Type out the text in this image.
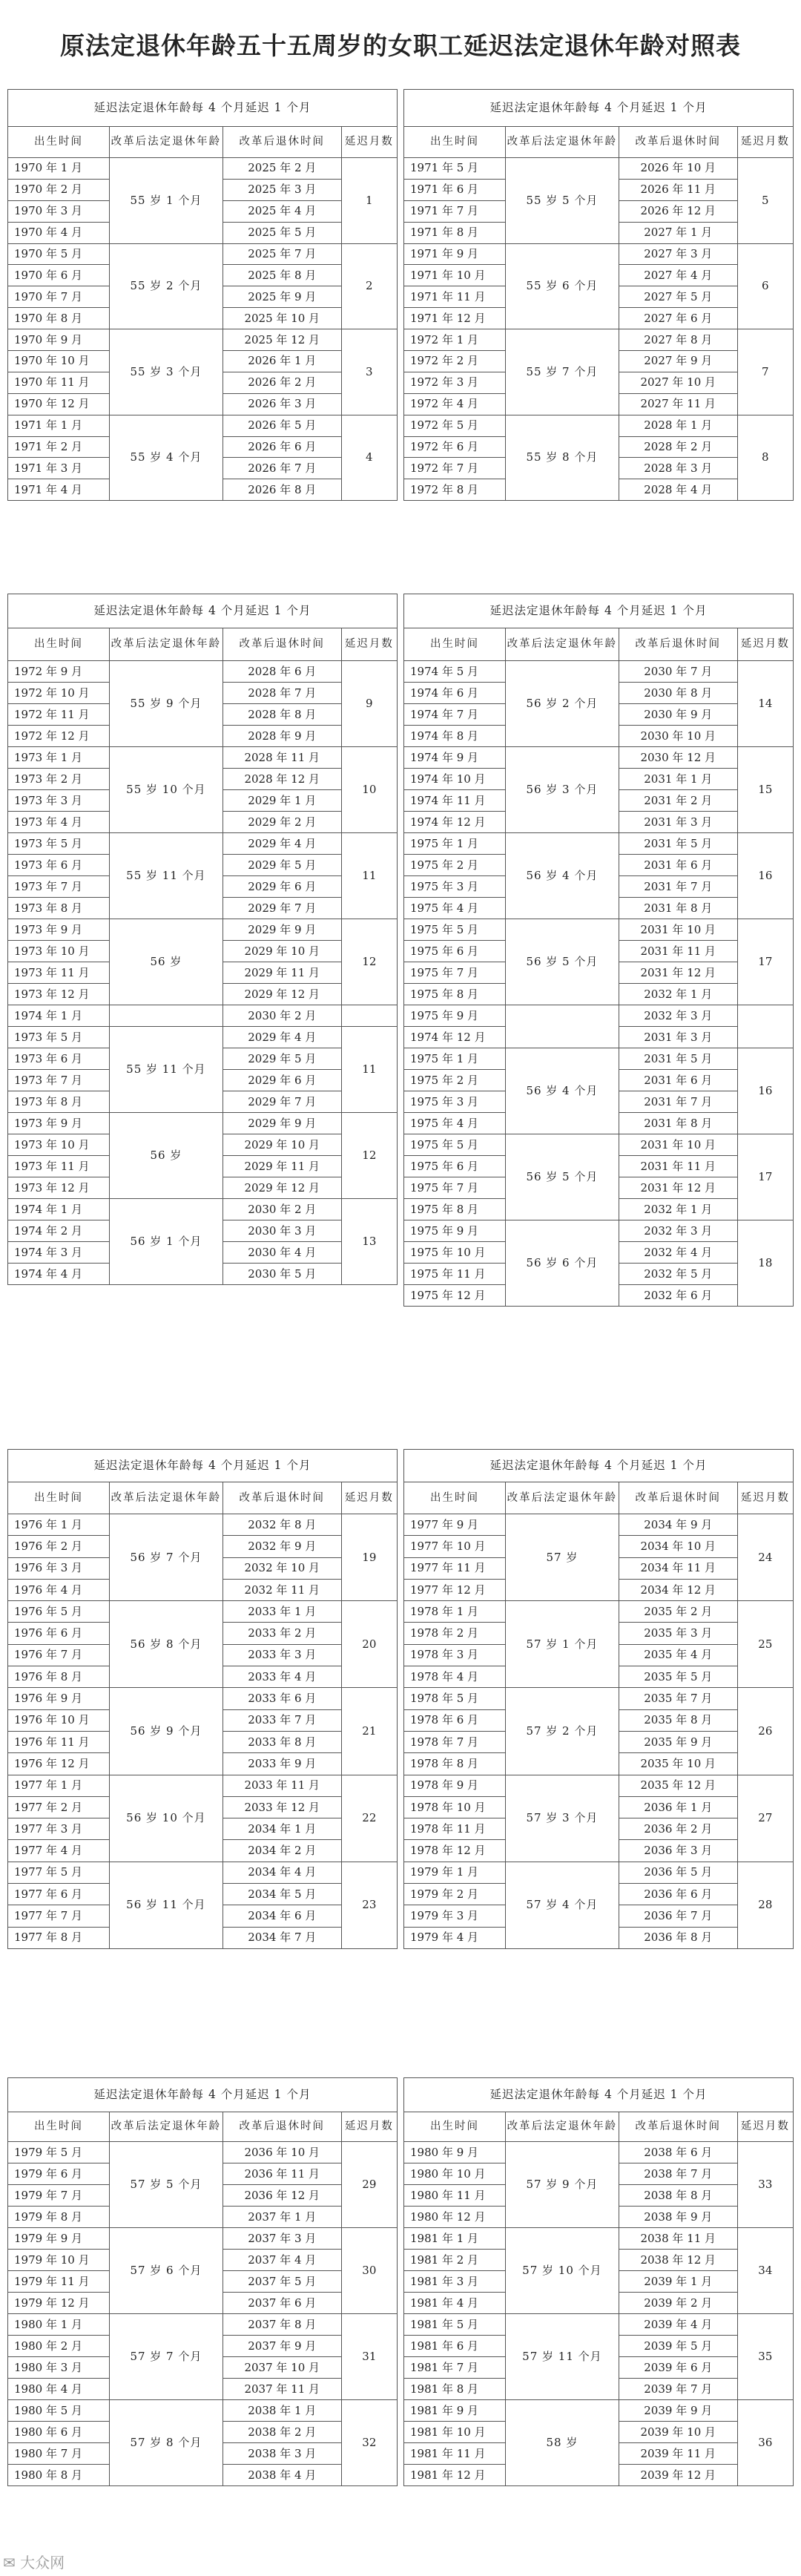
原法定退休年龄五十五周岁的女职工延迟法定退休年龄对照表
延迟法定退休年龄每 4 个月延迟 1 个月			
出生时间	改革后法定退休年龄	改革后退休时间	延迟月数
1970 年 1 月	55 岁 1 个月	2025 年 2 月	1
1970 年 2 月		2025 年 3 月	
1970 年 3 月		2025 年 4 月	
1970 年 4 月		2025 年 5 月	
1970 年 5 月	55 岁 2 个月	2025 年 7 月	2
1970 年 6 月		2025 年 8 月	
1970 年 7 月		2025 年 9 月	
1970 年 8 月		2025 年 10 月	
1970 年 9 月	55 岁 3 个月	2025 年 12 月	3
1970 年 10 月		2026 年 1 月	
1970 年 11 月		2026 年 2 月	
1970 年 12 月		2026 年 3 月	
1971 年 1 月	55 岁 4 个月	2026 年 5 月	4
1971 年 2 月		2026 年 6 月	
1971 年 3 月		2026 年 7 月	
1971 年 4 月		2026 年 8 月	
延迟法定退休年龄每 4 个月延迟 1 个月			
出生时间	改革后法定退休年龄	改革后退休时间	延迟月数
1971 年 5 月	55 岁 5 个月	2026 年 10 月	5
1971 年 6 月		2026 年 11 月	
1971 年 7 月		2026 年 12 月	
1971 年 8 月		2027 年 1 月	
1971 年 9 月	55 岁 6 个月	2027 年 3 月	6
1971 年 10 月		2027 年 4 月	
1971 年 11 月		2027 年 5 月	
1971 年 12 月		2027 年 6 月	
1972 年 1 月	55 岁 7 个月	2027 年 8 月	7
1972 年 2 月		2027 年 9 月	
1972 年 3 月		2027 年 10 月	
1972 年 4 月		2027 年 11 月	
1972 年 5 月	55 岁 8 个月	2028 年 1 月	8
1972 年 6 月		2028 年 2 月	
1972 年 7 月		2028 年 3 月	
1972 年 8 月		2028 年 4 月	
延迟法定退休年龄每 4 个月延迟 1 个月			
出生时间	改革后法定退休年龄	改革后退休时间	延迟月数
1972 年 9 月	55 岁 9 个月	2028 年 6 月	9
1972 年 10 月		2028 年 7 月	
1972 年 11 月		2028 年 8 月	
1972 年 12 月		2028 年 9 月	
1973 年 1 月	55 岁 10 个月	2028 年 11 月	10
1973 年 2 月		2028 年 12 月	
1973 年 3 月		2029 年 1 月	
1973 年 4 月		2029 年 2 月	
1973 年 5 月	55 岁 11 个月	2029 年 4 月	11
1973 年 6 月		2029 年 5 月	
1973 年 7 月		2029 年 6 月	
1973 年 8 月		2029 年 7 月	
1973 年 9 月	56 岁	2029 年 9 月	12
1973 年 10 月		2029 年 10 月	
1973 年 11 月		2029 年 11 月	
1973 年 12 月		2029 年 12 月	
1974 年 1 月		2030 年 2 月	
1973 年 5 月	55 岁 11 个月	2029 年 4 月	11
1973 年 6 月		2029 年 5 月	
1973 年 7 月		2029 年 6 月	
1973 年 8 月		2029 年 7 月	
1973 年 9 月	56 岁	2029 年 9 月	12
1973 年 10 月		2029 年 10 月	
1973 年 11 月		2029 年 11 月	
1973 年 12 月		2029 年 12 月	
1974 年 1 月	56 岁 1 个月	2030 年 2 月	13
1974 年 2 月		2030 年 3 月	
1974 年 3 月		2030 年 4 月	
1974 年 4 月		2030 年 5 月	
延迟法定退休年龄每 4 个月延迟 1 个月			
出生时间	改革后法定退休年龄	改革后退休时间	延迟月数
1974 年 5 月	56 岁 2 个月	2030 年 7 月	14
1974 年 6 月		2030 年 8 月	
1974 年 7 月		2030 年 9 月	
1974 年 8 月		2030 年 10 月	
1974 年 9 月	56 岁 3 个月	2030 年 12 月	15
1974 年 10 月		2031 年 1 月	
1974 年 11 月		2031 年 2 月	
1974 年 12 月		2031 年 3 月	
1975 年 1 月	56 岁 4 个月	2031 年 5 月	16
1975 年 2 月		2031 年 6 月	
1975 年 3 月		2031 年 7 月	
1975 年 4 月		2031 年 8 月	
1975 年 5 月	56 岁 5 个月	2031 年 10 月	17
1975 年 6 月		2031 年 11 月	
1975 年 7 月		2031 年 12 月	
1975 年 8 月		2032 年 1 月	
1975 年 9 月		2032 年 3 月	
1974 年 12 月		2031 年 3 月	
1975 年 1 月	56 岁 4 个月	2031 年 5 月	16
1975 年 2 月		2031 年 6 月	
1975 年 3 月		2031 年 7 月	
1975 年 4 月		2031 年 8 月	
1975 年 5 月	56 岁 5 个月	2031 年 10 月	17
1975 年 6 月		2031 年 11 月	
1975 年 7 月		2031 年 12 月	
1975 年 8 月		2032 年 1 月	
1975 年 9 月	56 岁 6 个月	2032 年 3 月	18
1975 年 10 月		2032 年 4 月	
1975 年 11 月		2032 年 5 月	
1975 年 12 月		2032 年 6 月	
延迟法定退休年龄每 4 个月延迟 1 个月			
出生时间	改革后法定退休年龄	改革后退休时间	延迟月数
1976 年 1 月	56 岁 7 个月	2032 年 8 月	19
1976 年 2 月		2032 年 9 月	
1976 年 3 月		2032 年 10 月	
1976 年 4 月		2032 年 11 月	
1976 年 5 月	56 岁 8 个月	2033 年 1 月	20
1976 年 6 月		2033 年 2 月	
1976 年 7 月		2033 年 3 月	
1976 年 8 月		2033 年 4 月	
1976 年 9 月	56 岁 9 个月	2033 年 6 月	21
1976 年 10 月		2033 年 7 月	
1976 年 11 月		2033 年 8 月	
1976 年 12 月		2033 年 9 月	
1977 年 1 月	56 岁 10 个月	2033 年 11 月	22
1977 年 2 月		2033 年 12 月	
1977 年 3 月		2034 年 1 月	
1977 年 4 月		2034 年 2 月	
1977 年 5 月	56 岁 11 个月	2034 年 4 月	23
1977 年 6 月		2034 年 5 月	
1977 年 7 月		2034 年 6 月	
1977 年 8 月		2034 年 7 月	
延迟法定退休年龄每 4 个月延迟 1 个月			
出生时间	改革后法定退休年龄	改革后退休时间	延迟月数
1977 年 9 月	57 岁	2034 年 9 月	24
1977 年 10 月		2034 年 10 月	
1977 年 11 月		2034 年 11 月	
1977 年 12 月		2034 年 12 月	
1978 年 1 月	57 岁 1 个月	2035 年 2 月	25
1978 年 2 月		2035 年 3 月	
1978 年 3 月		2035 年 4 月	
1978 年 4 月		2035 年 5 月	
1978 年 5 月	57 岁 2 个月	2035 年 7 月	26
1978 年 6 月		2035 年 8 月	
1978 年 7 月		2035 年 9 月	
1978 年 8 月		2035 年 10 月	
1978 年 9 月	57 岁 3 个月	2035 年 12 月	27
1978 年 10 月		2036 年 1 月	
1978 年 11 月		2036 年 2 月	
1978 年 12 月		2036 年 3 月	
1979 年 1 月	57 岁 4 个月	2036 年 5 月	28
1979 年 2 月		2036 年 6 月	
1979 年 3 月		2036 年 7 月	
1979 年 4 月		2036 年 8 月	
延迟法定退休年龄每 4 个月延迟 1 个月			
出生时间	改革后法定退休年龄	改革后退休时间	延迟月数
1979 年 5 月	57 岁 5 个月	2036 年 10 月	29
1979 年 6 月		2036 年 11 月	
1979 年 7 月		2036 年 12 月	
1979 年 8 月		2037 年 1 月	
1979 年 9 月	57 岁 6 个月	2037 年 3 月	30
1979 年 10 月		2037 年 4 月	
1979 年 11 月		2037 年 5 月	
1979 年 12 月		2037 年 6 月	
1980 年 1 月	57 岁 7 个月	2037 年 8 月	31
1980 年 2 月		2037 年 9 月	
1980 年 3 月		2037 年 10 月	
1980 年 4 月		2037 年 11 月	
1980 年 5 月	57 岁 8 个月	2038 年 1 月	32
1980 年 6 月		2038 年 2 月	
1980 年 7 月		2038 年 3 月	
1980 年 8 月		2038 年 4 月	
延迟法定退休年龄每 4 个月延迟 1 个月			
出生时间	改革后法定退休年龄	改革后退休时间	延迟月数
1980 年 9 月	57 岁 9 个月	2038 年 6 月	33
1980 年 10 月		2038 年 7 月	
1980 年 11 月		2038 年 8 月	
1980 年 12 月		2038 年 9 月	
1981 年 1 月	57 岁 10 个月	2038 年 11 月	34
1981 年 2 月		2038 年 12 月	
1981 年 3 月		2039 年 1 月	
1981 年 4 月		2039 年 2 月	
1981 年 5 月	57 岁 11 个月	2039 年 4 月	35
1981 年 6 月		2039 年 5 月	
1981 年 7 月		2039 年 6 月	
1981 年 8 月		2039 年 7 月	
1981 年 9 月	58 岁	2039 年 9 月	36
1981 年 10 月		2039 年 10 月	
1981 年 11 月		2039 年 11 月	
1981 年 12 月		2039 年 12 月	
✉ 大众网
